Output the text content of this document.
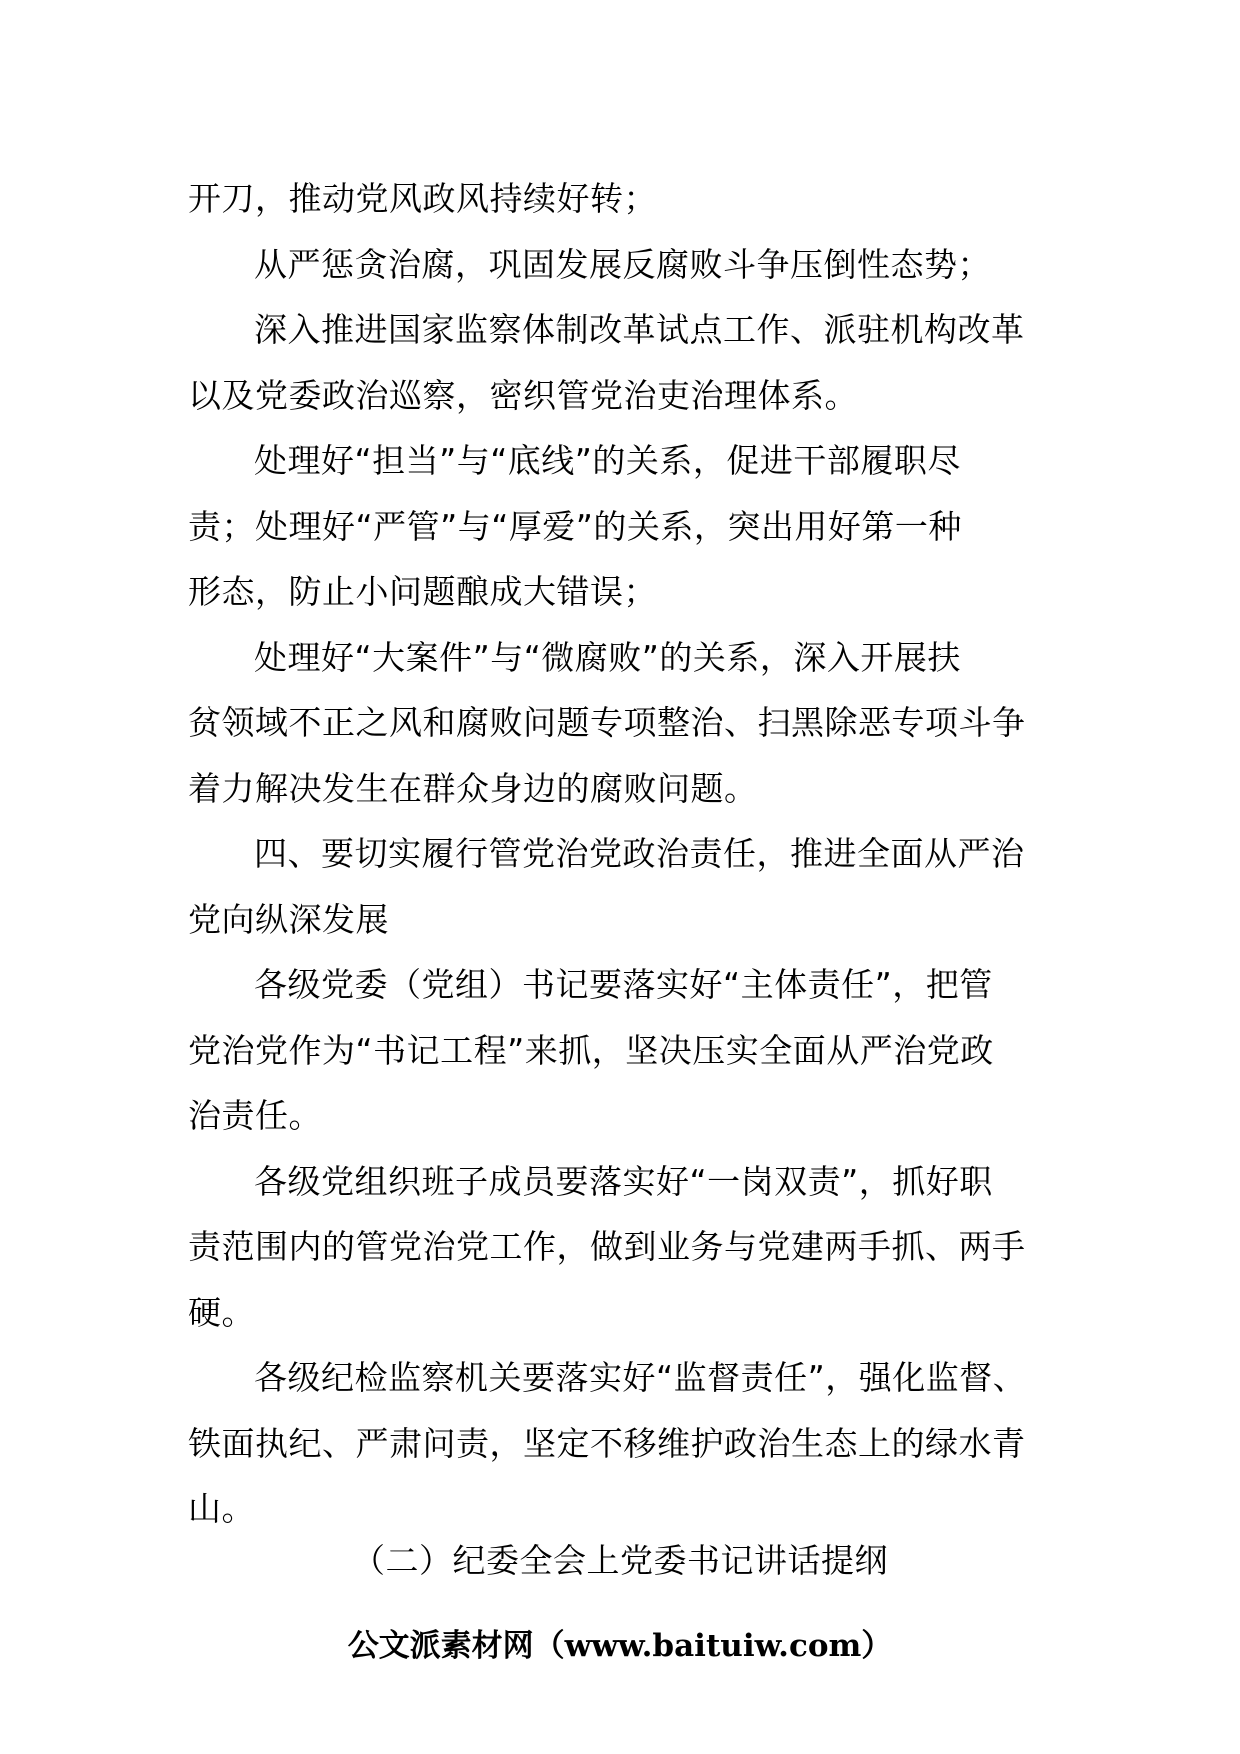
开刀，推动党风政风持续好转；

从严惩贪治腐，巩固发展反腐败斗争压倒性态势；

深入推进国家监察体制改革试点工作、派驻机构改革
以及党委政治巡察，密织管党治吏治理体系。

处理好“担当”与“底线”的关系，促进干部履职尽
责；处理好“严管”与“厚爱”的关系，突出用好第一种
形态，防止小问题酿成大错误；

处理好“大案件”与“微腐败”的关系，深入开展扶
贫领域不正之风和腐败问题专项整治、扫黑除恶专项斗争
着力解决发生在群众身边的腐败问题。

四、要切实履行管党治党政治责任，推进全面从严治
党向纵深发展

各级党委（党组）书记要落实好“主体责任”，把管
党治党作为“书记工程”来抓，坚决压实全面从严治党政
治责任。

各级党组织班子成员要落实好“一岗双责”，抓好职
责范围内的管党治党工作，做到业务与党建两手抓、两手
硬。

各级纪检监察机关要落实好“监督责任”，强化监督、
铁面执纪、严肃问责，坚定不移维护政治生态上的绿水青
山。

（二）纪委全会上党委书记讲话提纲
公文派素材网（www.baituiw.com）
